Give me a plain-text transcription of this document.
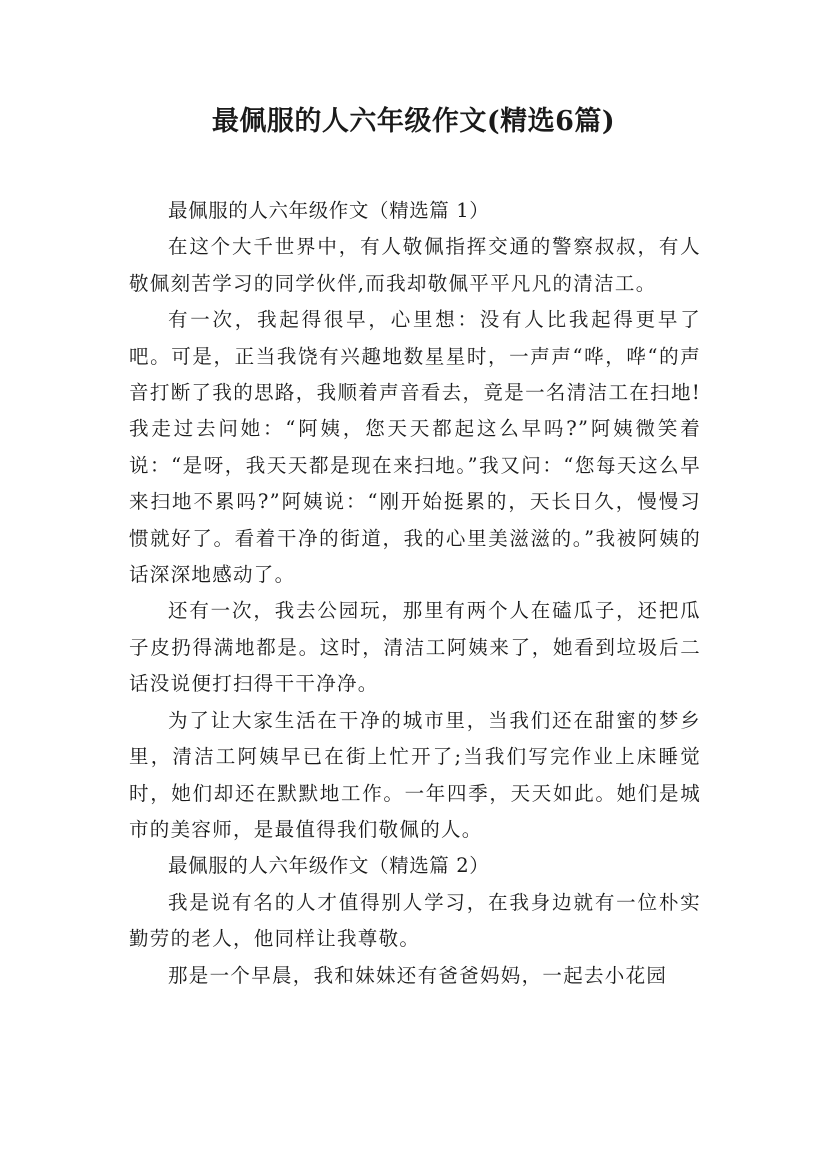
最佩服的人六年级作文(精选6篇)

最佩服的人六年级作文（精选篇 1）

在这个大千世界中，有人敬佩指挥交通的警察叔叔，有人敬佩刻苦学习的同学伙伴,而我却敬佩平平凡凡的清洁工。

有一次，我起得很早，心里想：没有人比我起得更早了吧。可是，正当我饶有兴趣地数星星时，一声声“哗，哗“的声音打断了我的思路，我顺着声音看去，竟是一名清洁工在扫地!我走过去问她：“阿姨，您天天都起这么早吗?”阿姨微笑着说：“是呀，我天天都是现在来扫地。”我又问：“您每天这么早来扫地不累吗?”阿姨说：“刚开始挺累的，天长日久，慢慢习惯就好了。看着干净的街道，我的心里美滋滋的。”我被阿姨的话深深地感动了。

还有一次，我去公园玩，那里有两个人在磕瓜子，还把瓜子皮扔得满地都是。这时，清洁工阿姨来了，她看到垃圾后二话没说便打扫得干干净净。

为了让大家生活在干净的城市里，当我们还在甜蜜的梦乡里，清洁工阿姨早已在街上忙开了;当我们写完作业上床睡觉时，她们却还在默默地工作。一年四季，天天如此。她们是城市的美容师，是最值得我们敬佩的人。

最佩服的人六年级作文（精选篇 2）

我是说有名的人才值得别人学习，在我身边就有一位朴实勤劳的老人，他同样让我尊敬。

那是一个早晨，我和妹妹还有爸爸妈妈，一起去小花园
